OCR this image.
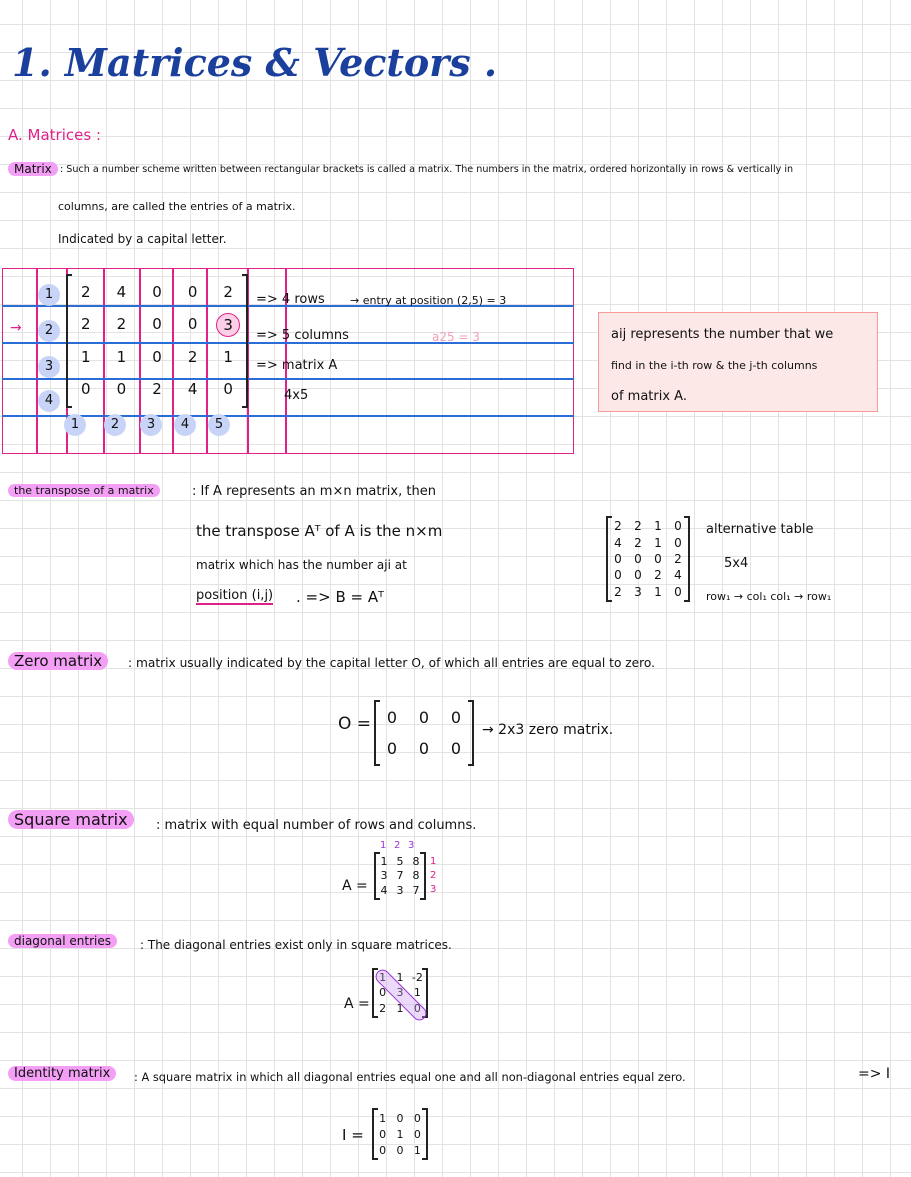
1. Matrices & Vectors .
A. Matrices :
Matrix : Such a number scheme written between rectangular brackets is called a matrix. The numbers in the matrix, ordered horizontally in rows & vertically in
columns, are called the entries of a matrix.
Indicated by a capital letter.
→
1
2
3
4
2	4	0	0	2
2	2	0	0	3
1	1	0	2	1
0	0	2	4	0
1	2	3	4	5
=> 4 rows
=> 5 columns
=> matrix A
4x5
→ entry at position (2,5) = 3
a25 = 3	aij represents the number that we
find in the i-th row & the j-th columns
of matrix A.
the transpose of a matrix	: If A represents an m×n matrix, then
the transpose Aᵀ of A is the n×m
matrix which has the number aji at
position (i,j) . => B = Aᵀ
2	2	1	0
4	2	1	0
0	0	0	2
0	0	2	4
2	3	1	0
alternative table
5x4
row₁ → col₁ col₁ → row₁
Zero matrix	: matrix usually indicated by the capital letter O, of which all entries are equal to zero.
O = 0	0	0
0	0	0
→ 2x3 zero matrix.
Square matrix	: matrix with equal number of rows and columns.
1 2 3
A =
1 5 8
3 7 8
4 3 7
1
2
3
diagonal entries	: The diagonal entries exist only in square matrices.
A =
1 1 -2
0 3 1
2 1 0
Identity matrix	: A square matrix in which all diagonal entries equal one and all non-diagonal entries equal zero.	=> I
I =
1 0 0
0 1 0
0 0 1
